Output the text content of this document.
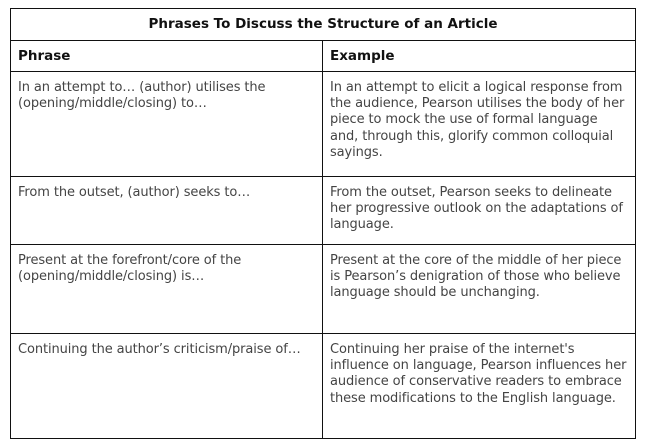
Phrases To Discuss the Structure of an Article	
Phrase	Example
In an attempt to… (author) utilises the (opening/middle/closing) to…	In an attempt to elicit a logical response from the audience, Pearson utilises the body of her piece to mock the use of formal language and, through this, glorify common colloquial sayings.
From the outset, (author) seeks to…	From the outset, Pearson seeks to delineate her progressive outlook on the adaptations of language.
Present at the forefront/core of the (opening/middle/closing) is…	Present at the core of the middle of her piece is Pearson’s denigration of those who believe language should be unchanging.
Continuing the author’s criticism/praise of…	Continuing her praise of the internet's influence on language, Pearson influences her audience of conservative readers to embrace these modifications to the English language.
